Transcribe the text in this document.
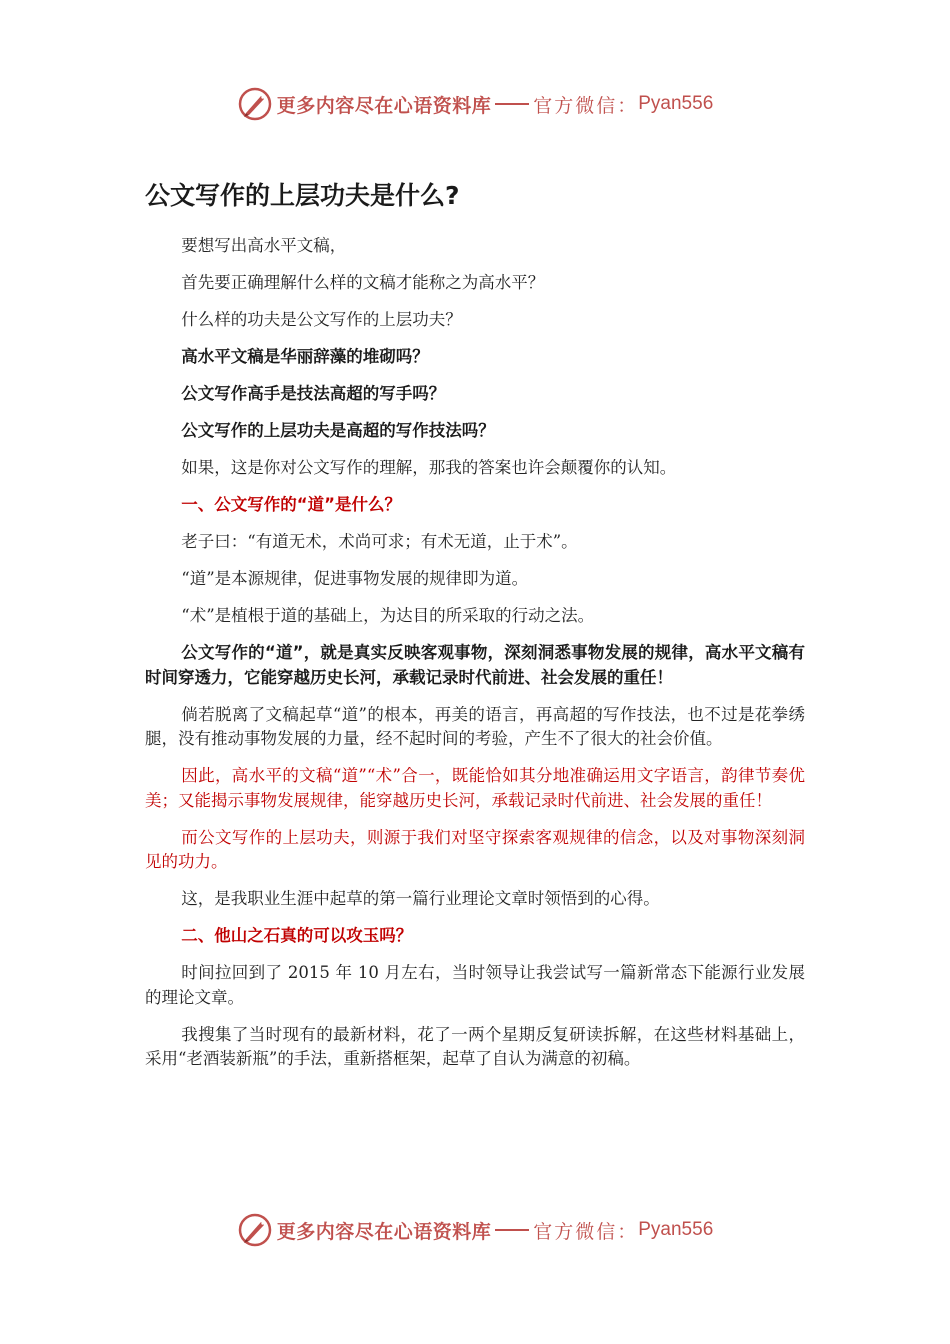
更多内容尽在心语资料库 官方微信： Pyan556
公文写作的上层功夫是什么?
要想写出高水平文稿，
首先要正确理解什么样的文稿才能称之为高水平？
什么样的功夫是公文写作的上层功夫？
高水平文稿是华丽辞藻的堆砌吗？
公文写作高手是技法高超的写手吗？
公文写作的上层功夫是高超的写作技法吗？
如果，这是你对公文写作的理解，那我的答案也许会颠覆你的认知。
一、公文写作的“道”是什么？
老子曰：“有道无术，术尚可求；有术无道，止于术”。
“道”是本源规律，促进事物发展的规律即为道。
“术”是植根于道的基础上，为达目的所采取的行动之法。
公文写作的“道”，就是真实反映客观事物，深刻洞悉事物发展的规律，高水平文稿有时间穿透力，它能穿越历史长河，承载记录时代前进、社会发展的重任！
倘若脱离了文稿起草“道”的根本，再美的语言，再高超的写作技法，也不过是花拳绣腿，没有推动事物发展的力量，经不起时间的考验，产生不了很大的社会价值。
因此，高水平的文稿“道”“术”合一，既能恰如其分地准确运用文字语言，韵律节奏优美；又能揭示事物发展规律，能穿越历史长河，承载记录时代前进、社会发展的重任！
而公文写作的上层功夫，则源于我们对坚守探索客观规律的信念，以及对事物深刻洞见的功力。
这，是我职业生涯中起草的第一篇行业理论文章时领悟到的心得。
二、他山之石真的可以攻玉吗？
时间拉回到了 2015 年 10 月左右，当时领导让我尝试写一篇新常态下能源行业发展的理论文章。
我搜集了当时现有的最新材料，花了一两个星期反复研读拆解，在这些材料基础上，采用“老酒装新瓶”的手法，重新搭框架，起草了自认为满意的初稿。
更多内容尽在心语资料库 官方微信： Pyan556
